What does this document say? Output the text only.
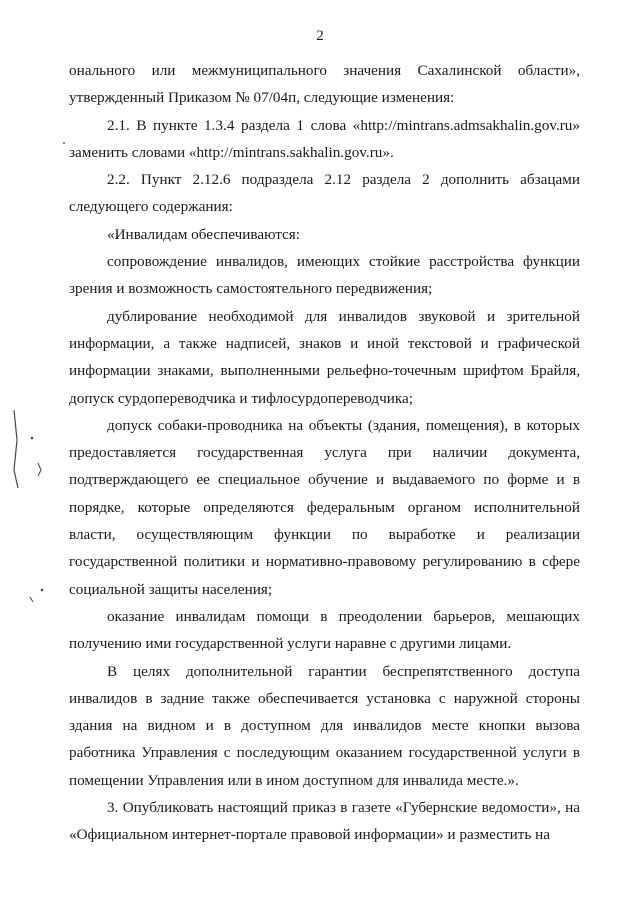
2

онального или межмуниципального значения Сахалинской области», утвержденный Приказом № 07/04п, следующие изменения:

2.1. В пункте 1.3.4 раздела 1 слова «http://mintrans.admsakhalin.gov.ru» заменить словами «http://mintrans.sakhalin.gov.ru».

2.2. Пункт 2.12.6 подраздела 2.12 раздела 2 дополнить абзацами следующего содержания:

«Инвалидам обеспечиваются:

сопровождение инвалидов, имеющих стойкие расстройства функции зрения и возможность самостоятельного передвижения;

дублирование необходимой для инвалидов звуковой и зрительной информации, а также надписей, знаков и иной текстовой и графической информации знаками, выполненными рельефно-точечным шрифтом Брайля, допуск сурдопереводчика и тифлосурдопереводчика;

допуск собаки-проводника на объекты (здания, помещения), в которых предоставляется государственная услуга при наличии документа, подтверждающего ее специальное обучение и выдаваемого по форме и в порядке, которые определяются федеральным органом исполнительной власти, осуществляющим функции по выработке и реализации государственной политики и нормативно-правовому регулированию в сфере социальной защиты населения;

оказание инвалидам помощи в преодолении барьеров, мешающих получению ими государственной услуги наравне с другими лицами.

В целях дополнительной гарантии беспрепятственного доступа инвалидов в задние также обеспечивается установка с наружной стороны здания на видном и в доступном для инвалидов месте кнопки вызова работника Управления с последующим оказанием государственной услуги в помещении Управления или в ином доступном для инвалида месте.».

3. Опубликовать настоящий приказ в газете «Губернские ведомости», на «Официальном интернет-портале правовой информации» и разместить на
